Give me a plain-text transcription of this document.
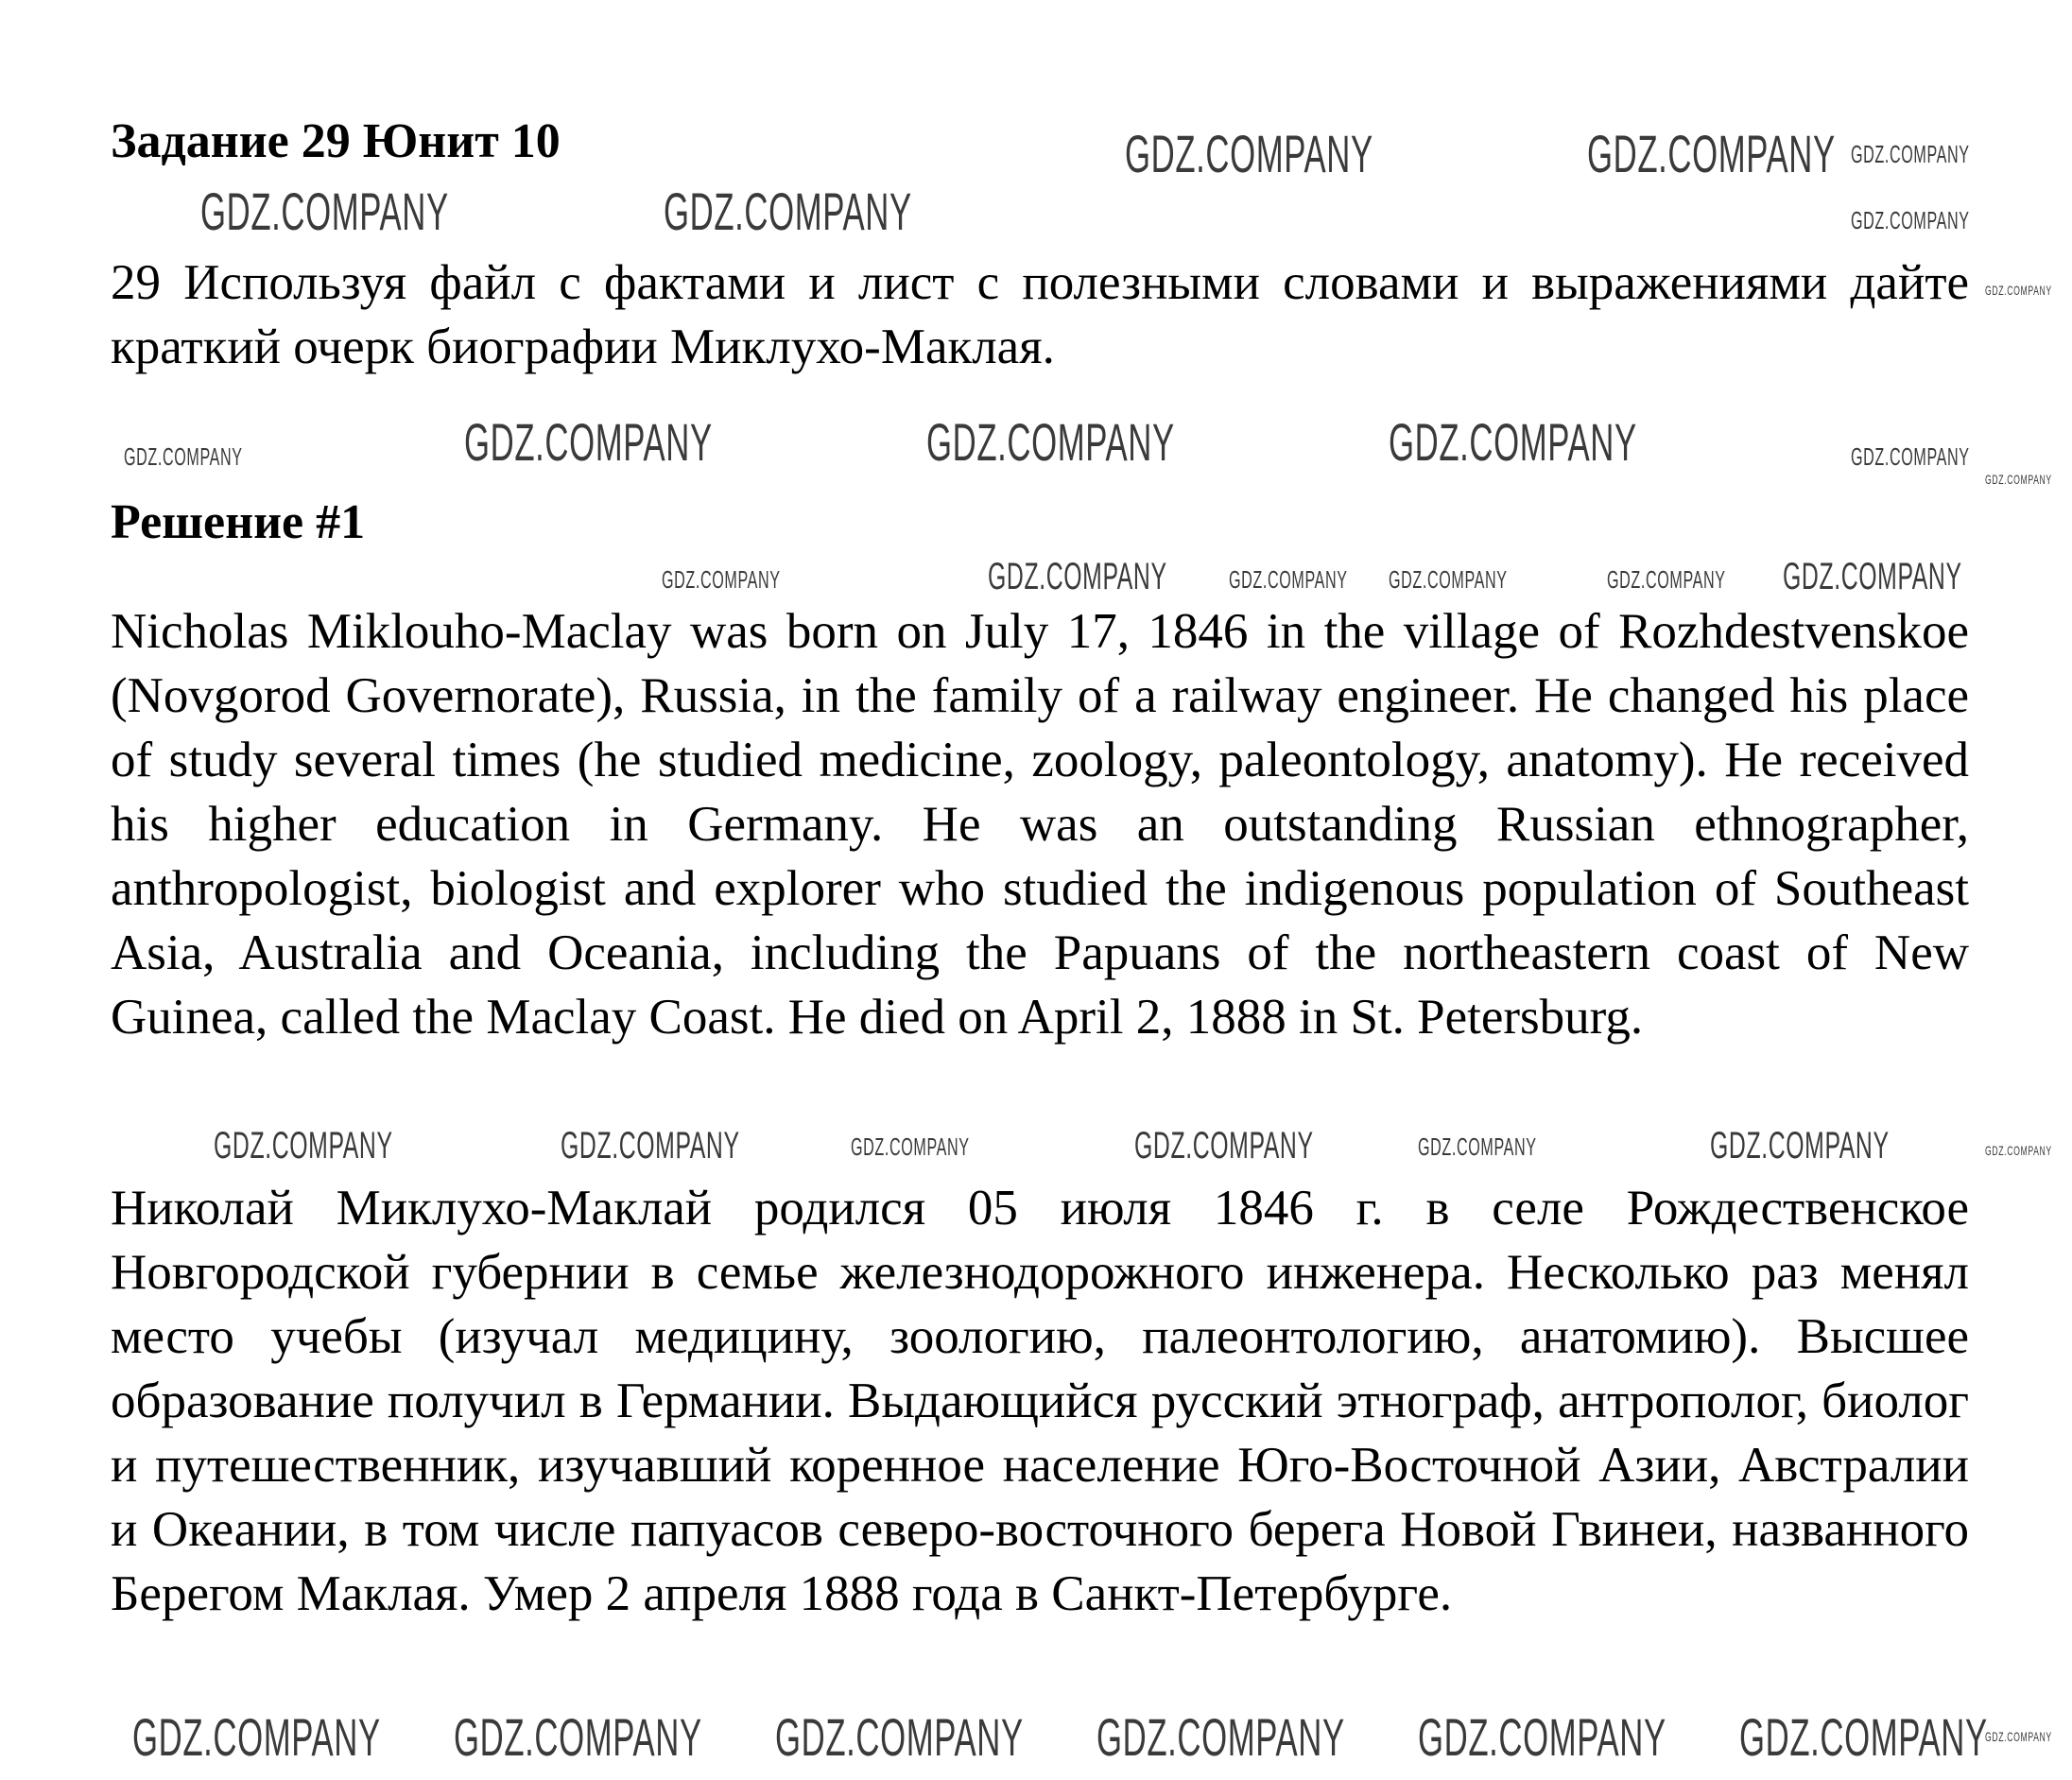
Задание 29 Юнит 10

29 Используя файл с фактами и лист с полезными словами и выражениями дайте краткий очерк биографии Миклухо-Маклая.

Решение #1

Nicholas Miklouho-Maclay was born on July 17, 1846 in the village of Rozhdestvenskoe (Novgorod Governorate), Russia, in the family of a railway engineer. He changed his place of study several times (he studied medicine, zoology, paleontology, anatomy). He received his higher education in Germany. He was an outstanding Russian ethnographer, anthropologist, biologist and explorer who studied the indigenous population of Southeast Asia, Australia and Oceania, including the Papuans of the northeastern coast of New Guinea, called the Maclay Coast. He died on April 2, 1888 in St. Petersburg.

Николай Миклухо-Маклай родился 05 июля 1846 г. в селе Рождественское Новгородской губернии в семье железнодорожного инженера. Несколько раз менял место учебы (изучал медицину, зоологию, палеонтологию, анатомию). Высшее образование получил в Германии. Выдающийся русский этнограф, антрополог, биолог и путешественник, изучавший коренное население Юго-Восточной Азии, Австралии и Океании, в том числе папуасов северо-восточного берега Новой Гвинеи, названного Берегом Маклая. Умер 2 апреля 1888 года в Санкт-Петербурге.

GDZ.COMPANY	GDZ.COMPANY
GDZ.COMPANY	GDZ.COMPANY
GDZ.COMPANY
GDZ.COMPANY	GDZ.COMPANY
GDZ.COMPANY GDZ.COMPANY GDZ.COMPANY GDZ.COMPANY GDZ.COMPANY GDZ.COMPANY
GDZ.COMPANY	GDZ.COMPANY
GDZ.COMPANY	GDZ.COMPANY	GDZ.COMPANY	GDZ.COMPANY
GDZ.COMPANY
GDZ.COMPANY
GDZ.COMPANY	GDZ.COMPANY
GDZ.COMPANY	GDZ.COMPANY GDZ.COMPANY	GDZ.COMPANY
GDZ.COMPANY	GDZ.COMPANY
GDZ.COMPANY
GDZ.COMPANY
GDZ.COMPANY
GDZ.COMPANY
